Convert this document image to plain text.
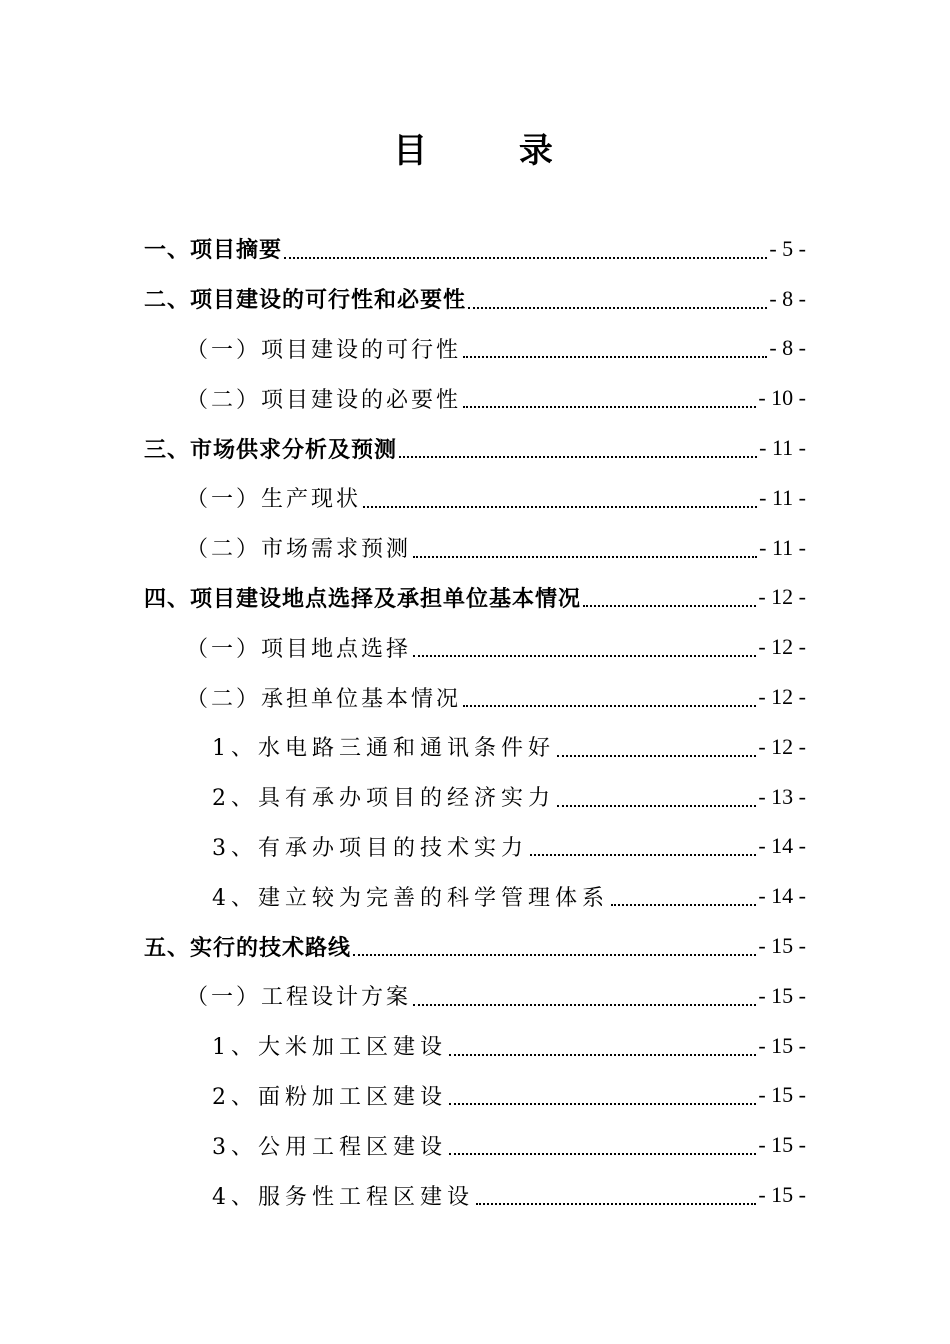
目 录
一、项目摘要	- 5 -
二、项目建设的可行性和必要性	- 8 -
（一）项目建设的可行性	- 8 -
（二）项目建设的必要性	- 10 -
三、市场供求分析及预测	- 11 -
（一）生产现状	- 11 -
（二）市场需求预测	- 11 -
四、项目建设地点选择及承担单位基本情况	- 12 -
（一）项目地点选择	- 12 -
（二）承担单位基本情况	- 12 -
1、水电路三通和通讯条件好	- 12 -
2、具有承办项目的经济实力	- 13 -
3、有承办项目的技术实力	- 14 -
4、建立较为完善的科学管理体系	- 14 -
五、实行的技术路线	- 15 -
（一）工程设计方案	- 15 -
1、大米加工区建设	- 15 -
2、面粉加工区建设	- 15 -
3、公用工程区建设	- 15 -
4、服务性工程区建设	- 15 -
